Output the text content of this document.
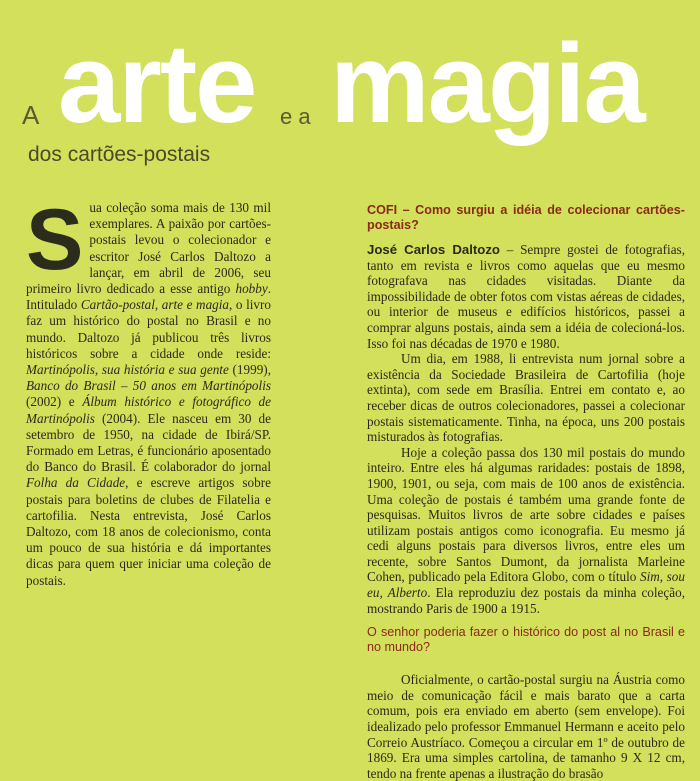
A arte e a magia
dos cartões-postais
S ua coleção soma mais de 130 mil exemplares. A paixão por cartões-postais levou o colecionador e escritor José Carlos Daltozo a lançar, em abril de 2006, seu primeiro livro dedicado a esse antigo hobby. Intitulado Cartão-postal, arte e magia, o livro faz um histórico do postal no Brasil e no mundo. Daltozo já publicou três livros históricos sobre a cidade onde reside: Martinópolis, sua história e sua gente (1999), Banco do Brasil – 50 anos em Martinópolis (2002) e Álbum histórico e fotográfico de Martinópolis (2004). Ele nasceu em 30 de setembro de 1950, na cidade de Ibirá/SP. Formado em Letras, é funcionário aposentado do Banco do Brasil. É colaborador do jornal Folha da Cidade, e escreve artigos sobre postais para boletins de clubes de Filatelia e cartofilia. Nesta entrevista, José Carlos Daltozo, com 18 anos de colecionismo, conta um pouco de sua história e dá importantes dicas para quem quer iniciar uma coleção de postais.

COFI – Como surgiu a idéia de colecionar cartões-postais?

José Carlos Daltozo – Sempre gostei de fotografias, tanto em revista e livros como aquelas que eu mesmo fotografava nas cidades visitadas. Diante da impossibilidade de obter fotos com vistas aéreas de cidades, ou interior de museus e edifícios históricos, passei a comprar alguns postais, ainda sem a idéia de colecioná-los. Isso foi nas décadas de 1970 e 1980.

Um dia, em 1988, li entrevista num jornal sobre a existência da Sociedade Brasileira de Cartofilia (hoje extinta), com sede em Brasília. Entrei em contato e, ao receber dicas de outros colecionadores, passei a colecionar postais sistematicamente. Tinha, na época, uns 200 postais misturados às fotografias.

Hoje a coleção passa dos 130 mil postais do mundo inteiro. Entre eles há algumas raridades: postais de 1898, 1900, 1901, ou seja, com mais de 100 anos de existência. Uma coleção de postais é também uma grande fonte de pesquisas. Muitos livros de arte sobre cidades e países utilizam postais antigos como iconografia. Eu mesmo já cedi alguns postais para diversos livros, entre eles um recente, sobre Santos Dumont, da jornalista Marleine Cohen, publicado pela Editora Globo, com o título Sim, sou eu, Alberto. Ela reproduziu dez postais da minha coleção, mostrando Paris de 1900 a 1915.

O senhor poderia fazer o histórico do post al no Brasil e no mundo?

Oficialmente, o cartão-postal surgiu na Áustria como meio de comunicação fácil e mais barato que a carta comum, pois era enviado em aberto (sem envelope). Foi idealizado pelo professor Emmanuel Hermann e aceito pelo Correio Austríaco. Começou a circular em 1º de outubro de 1869. Era uma simples cartolina, de tamanho 9 X 12 cm, tendo na frente apenas a ilustração do brasão
